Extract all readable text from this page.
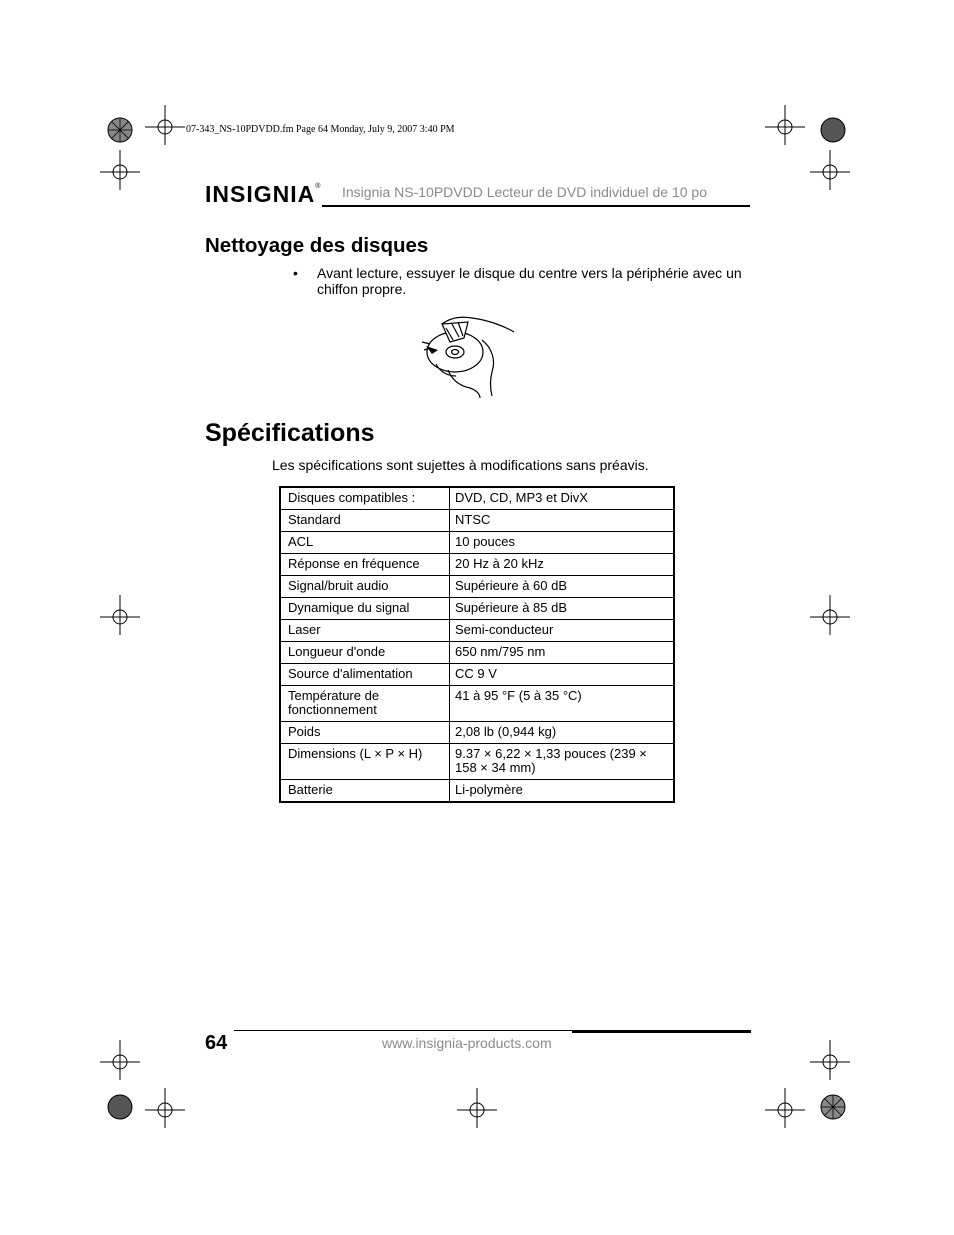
07-343_NS-10PDVDD.fm Page 64 Monday, July 9, 2007 3:40 PM
INSIGNIA® Insignia NS-10PDVDD Lecteur de DVD individuel de 10 po
Nettoyage des disques
• Avant lecture, essuyer le disque du centre vers la périphérie avec un chiffon propre.
Spécifications
Les spécifications sont sujettes à modifications sans préavis.
Disques compatibles :	DVD, CD, MP3 et DivX
Standard	NTSC
ACL	10 pouces
Réponse en fréquence	20 Hz à 20 kHz
Signal/bruit audio	Supérieure à 60 dB
Dynamique du signal	Supérieure à 85 dB
Laser	Semi-conducteur
Longueur d'onde	650 nm/795 nm
Source d'alimentation	CC 9 V
Température de fonctionnement	41 à 95 °F (5 à 35 °C)
Poids	2,08 lb (0,944 kg)
Dimensions (L × P × H)	9.37 × 6,22 × 1,33 pouces (239 × 158 × 34 mm)
Batterie	Li-polymère
64	www.insignia-products.com
